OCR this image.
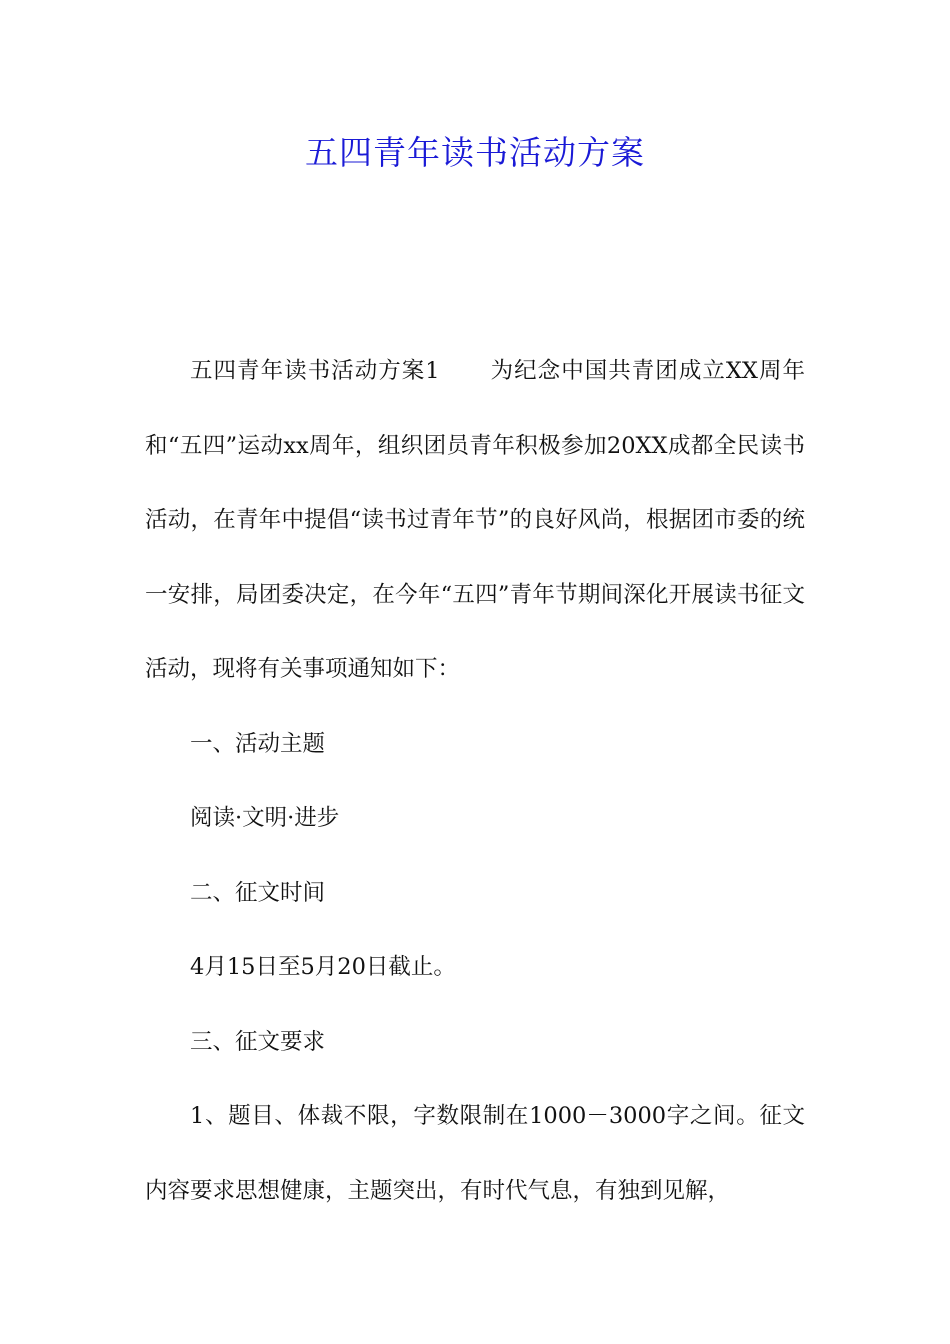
五四青年读书活动方案

五四青年读书活动方案1 为纪念中国共青团成立XX周年和“五四”运动xx周年，组织团员青年积极参加20XX成都全民读书活动，在青年中提倡“读书过青年节”的良好风尚，根据团市委的统一安排，局团委决定，在今年“五四”青年节期间深化开展读书征文活动，现将有关事项通知如下：

一、活动主题

阅读·文明·进步

二、征文时间

4月15日至5月20日截止。

三、征文要求

1、题目、体裁不限，字数限制在1000－3000字之间。征文内容要求思想健康，主题突出，有时代气息，有独到见解，
